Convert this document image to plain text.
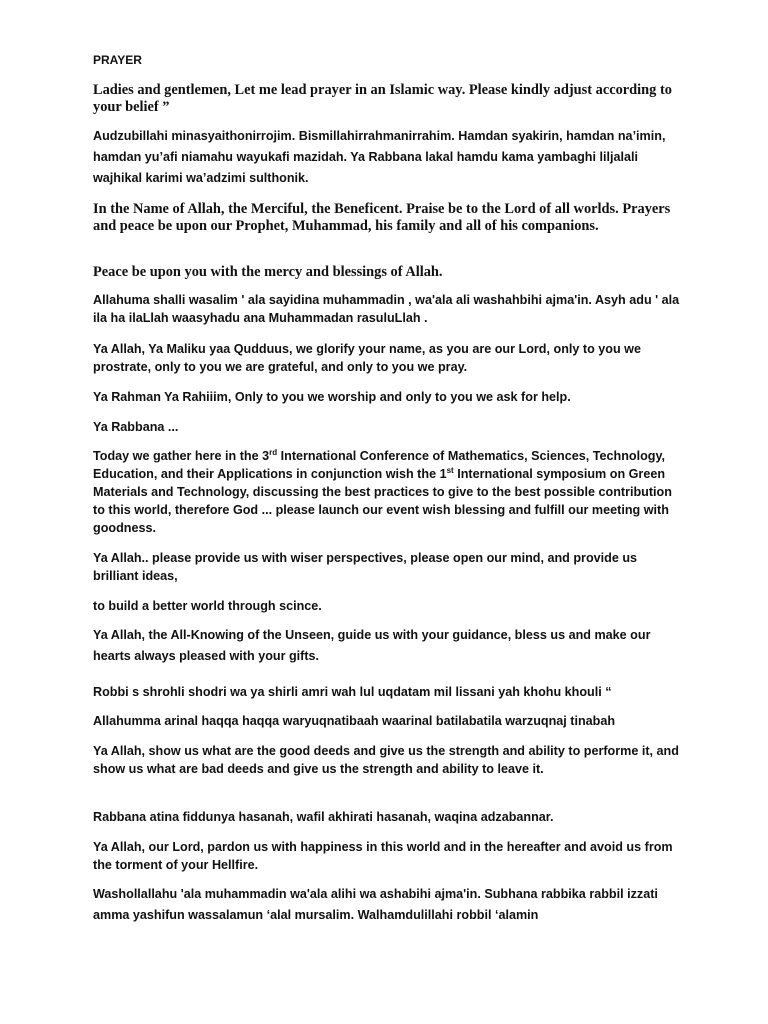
PRAYER

Ladies and gentlemen, Let me lead prayer in an Islamic way. Please kindly adjust according to your belief ”

Audzubillahi minasyaithonirrojim. Bismillahirrahmanirrahim. Hamdan syakirin, hamdan na’imin, hamdan yu’afi niamahu wayukafi mazidah. Ya Rabbana lakal hamdu kama yambaghi liljalali wajhikal karimi wa’adzimi sulthonik.

In the Name of Allah, the Merciful, the Beneficent. Praise be to the Lord of all worlds. Prayers and peace be upon our Prophet, Muhammad, his family and all of his companions.

Peace be upon you with the mercy and blessings of Allah.

Allahuma shalli wasalim ' ala sayidina muhammadin , wa'ala ali washahbihi ajma'in. Asyh adu ' ala ila ha ilaLlah waasyhadu ana Muhammadan rasuluLlah .

Ya Allah, Ya Maliku yaa Qudduus, we glorify your name, as you are our Lord, only to you we prostrate, only to you we are grateful, and only to you we pray.

Ya Rahman Ya Rahiiim, Only to you we worship and only to you we ask for help.

Ya Rabbana ...

Today we gather here in the 3rd International Conference of Mathematics, Sciences, Technology, Education, and their Applications in conjunction wish the 1st International symposium on Green Materials and Technology, discussing the best practices to give to the best possible contribution to this world, therefore God ... please launch our event wish blessing and fulfill our meeting with goodness.

Ya Allah.. please provide us with wiser perspectives, please open our mind, and provide us brilliant ideas,

to build a better world through scince.

Ya Allah, the All-Knowing of the Unseen, guide us with your guidance, bless us and make our hearts always pleased with your gifts.

Robbi s shrohli shodri wa ya shirli amri wah lul uqdatam mil lissani yah khohu khouli “

Allahumma arinal haqqa haqqa waryuqnatibaah waarinal batilabatila warzuqnaj tinabah

Ya Allah, show us what are the good deeds and give us the strength and ability to performe it, and show us what are bad deeds and give us the strength and ability to leave it.

Rabbana atina fiddunya hasanah, wafil akhirati hasanah, waqina adzabannar.

Ya Allah, our Lord, pardon us with happiness in this world and in the hereafter and avoid us from the torment of your Hellfire.

Washollallahu 'ala muhammadin wa'ala alihi wa ashabihi ajma'in. Subhana rabbika rabbil izzati amma yashifun wassalamun ‘alal mursalim. Walhamdulillahi robbil ‘alamin
